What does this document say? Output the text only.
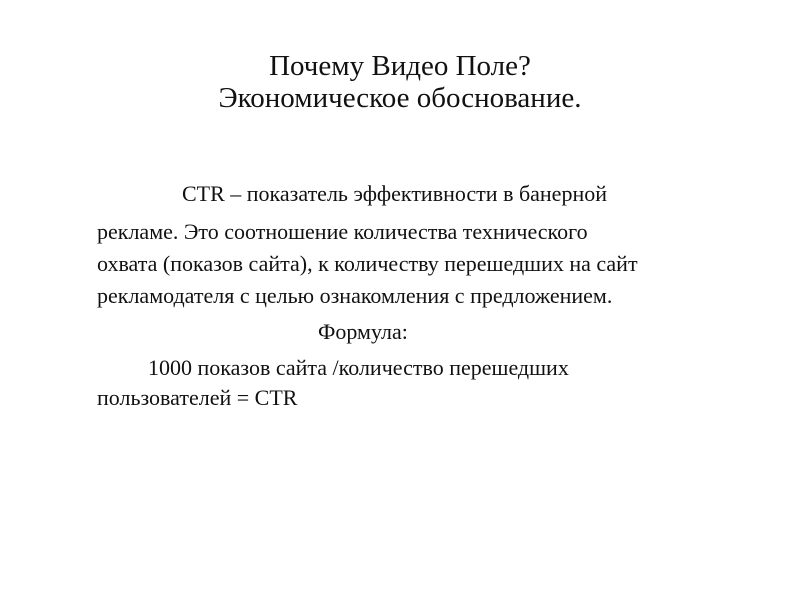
Почему Видео Поле?
Экономическое обоснование.
CTR – показатель эффективности в банерной
рекламе. Это соотношение количества технического
охвата (показов сайта), к количеству перешедших на сайт
рекламодателя с целью ознакомления с предложением.
Формула:
1000 показов сайта /количество перешедших
пользователей = CTR
